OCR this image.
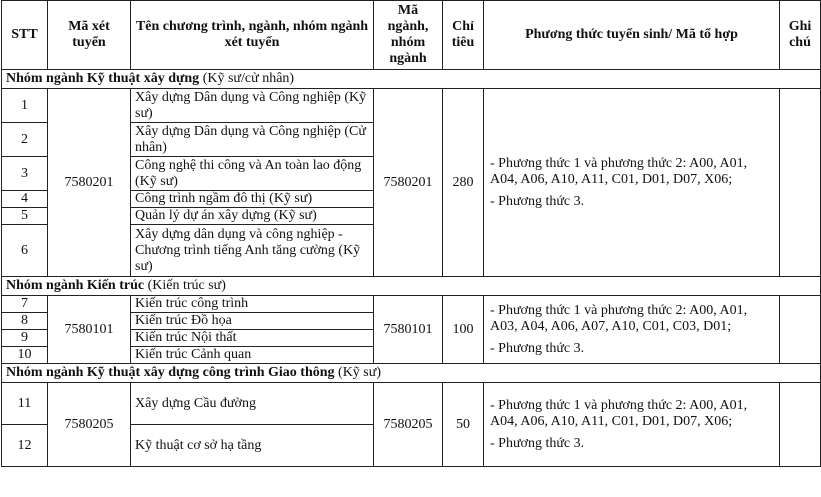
STT	Mã xét tuyển	Tên chương trình, ngành, nhóm ngành xét tuyển	Mã ngành, nhóm ngành	Chỉ tiêu	Phương thức tuyển sinh/ Mã tổ hợp	Ghi chú
Nhóm ngành Kỹ thuật xây dựng (Kỹ sư/cử nhân)						
1	7580201	Xây dựng Dân dụng và Công nghiệp (Kỹ sư)	7580201	280	- Phương thức 1 và phương thức 2: A00, A01, A04, A06, A10, A11, C01, D01, D07, X06;

- Phương thức 3.	

2		Xây dựng Dân dụng và Công nghiệp (Cử nhân)				
3		Công nghệ thi công và An toàn lao động (Kỹ sư)				
4		Công trình ngầm đô thị (Kỹ sư)				
5		Quản lý dự án xây dựng (Kỹ sư)				
6		Xây dựng dân dụng và công nghiệp - Chương trình tiếng Anh tăng cường (Kỹ sư)				
Nhóm ngành Kiến trúc (Kiến trúc sư)						
7	7580101	Kiến trúc công trình	7580101	100	- Phương thức 1 và phương thức 2: A00, A01, A03, A04, A06, A07, A10, C01, C03, D01;

- Phương thức 3.	

8		Kiến trúc Đồ họa				
9		Kiến trúc Nội thất				
10		Kiến trúc Cảnh quan				
Nhóm ngành Kỹ thuật xây dựng công trình Giao thông (Kỹ sư)						
11	7580205	Xây dựng Cầu đường	7580205	50	- Phương thức 1 và phương thức 2: A00, A01, A04, A06, A10, A11, C01, D01, D07, X06;

- Phương thức 3.	

12		Kỹ thuật cơ sở hạ tầng				
